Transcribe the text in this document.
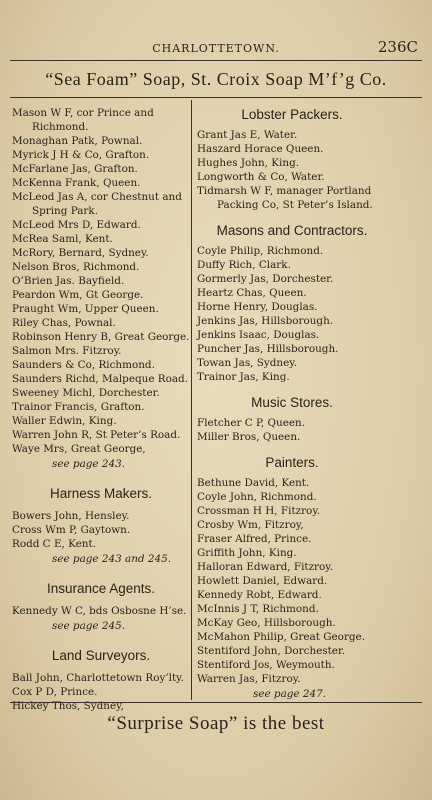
CHARLOTTETOWN.	236C
“Sea Foam” Soap, St. Croix Soap M’f’g Co.
Mason W F, cor Prince and
Richmond.
Monaghan Patk, Pownal.
Myrick J H & Co, Grafton.
McFarlane Jas, Grafton.
McKenna Frank, Queen.
McLeod Jas A, cor Chestnut and
Spring Park.
McLeod Mrs D, Edward.
McRea Saml, Kent.
McRory, Bernard, Sydney.
Nelson Bros, Richmond.
O’Brien Jas. Bayfield.
Peardon Wm, Gt George.
Praught Wm, Upper Queen.
Riley Chas, Pownal.
Robinson Henry B, Great George.
Salmon Mrs. Fitzroy.
Saunders & Co, Richmond.
Saunders Richd, Malpeque Road.
Sweeney Michl, Dorchester.
Trainor Francis, Grafton.
Waller Edwin, King.
Warren John R, St Peter’s Road.
Waye Mrs, Great George,
see page 243.
Harness Makers.
Bowers John, Hensley.
Cross Wm P, Gaytown.
Rodd C E, Kent.
see page 243 and 245.
Insurance Agents.
Kennedy W C, bds Osbosne H’se.
see page 245.
Land Surveyors.
Ball John, Charlottetown Roy’lty.
Cox P D, Prince.
Hickey Thos, Sydney,
Lobster Packers.
Grant Jas E, Water.
Haszard Horace Queen.
Hughes John, King.
Longworth & Co, Water.
Tidmarsh W F, manager Portland
Packing Co, St Peter’s Island.
Masons and Contractors.
Coyle Philip, Richmond.
Duffy Rich, Clark.
Gormerly Jas, Dorchester.
Heartz Chas, Queen.
Horne Henry, Douglas.
Jenkins Jas, Hillsborough.
Jenkins Isaac, Douglas.
Puncher Jas, Hillsborough.
Towan Jas, Sydney.
Trainor Jas, King.
Music Stores.
Fletcher C P, Queen.
Miller Bros, Queen.
Painters.
Bethune David, Kent.
Coyle John, Richmond.
Crossman H H, Fitzroy.
Crosby Wm, Fitzroy,
Fraser Alfred, Prince.
Griffith John, King.
Halloran Edward, Fitzroy.
Howlett Daniel, Edward.
Kennedy Robt, Edward.
McInnis J T, Richmond.
McKay Geo, Hillsborough.
McMahon Philip, Great George.
Stentiford John, Dorchester.
Stentiford Jos, Weymouth.
Warren Jas, Fitzroy.
see page 247.
“Surprise Soap” is the best
